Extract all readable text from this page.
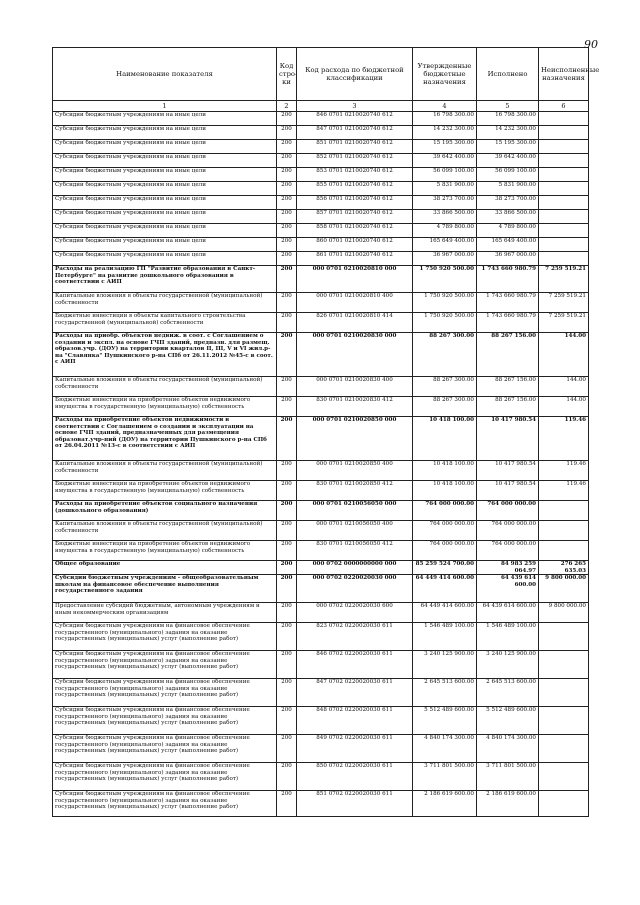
90
Наименование показателя	Код стро-ки	Код расхода по бюджетной классификации	Утвержденные бюджетные назначения	Исполнено	Неисполненные назначения
1	2	3	4	5	6
Субсидии бюджетным учреждениям на иные цели	200	846 0701 0210020740 612	16 798 300.00	16 798 300.00	
Субсидии бюджетным учреждениям на иные цели	200	847 0701 0210020740 612	14 232 300.00	14 232 300.00	
Субсидии бюджетным учреждениям на иные цели	200	851 0701 0210020740 612	15 195 300.00	15 195 300.00	
Субсидии бюджетным учреждениям на иные цели	200	852 0701 0210020740 612	39 642 400.00	39 642 400.00	
Субсидии бюджетным учреждениям на иные цели	200	853 0701 0210020740 612	56 099 100.00	56 099 100.00	
Субсидии бюджетным учреждениям на иные цели	200	855 0701 0210020740 612	5 831 900.00	5 831 900.00	
Субсидии бюджетным учреждениям на иные цели	200	856 0701 0210020740 612	38 273 700.00	38 273 700.00	
Субсидии бюджетным учреждениям на иные цели	200	857 0701 0210020740 612	33 866 500.00	33 866 500.00	
Субсидии бюджетным учреждениям на иные цели	200	858 0701 0210020740 612	4 789 800.00	4 789 800.00	
Субсидии бюджетным учреждениям на иные цели	200	860 0701 0210020740 612	165 649 400.00	165 649 400.00	
Субсидии бюджетным учреждениям на иные цели	200	861 0701 0210020740 612	36 967 000.00	36 967 000.00	
Расходы на реализацию ГП "Развитие образования в Санкт-Петербурге" на развитие дошкольного образования в соответствии с АИП	200	000 0701 0210020810 000	1 750 920 500.00	1 743 660 980.79	7 259 519.21
Капитальные вложения в объекты государственной (муниципальной) собственности	200	000 0701 0210020810 400	1 750 920 500.00	1 743 660 980.79	7 259 519.21
Бюджетные инвестиции в объекты капитального строительства государственной (муниципальной) собственности	200	826 0701 0210020810 414	1 750 920 500.00	1 743 660 980.79	7 259 519.21
Расходы на приобр. объектов недвиж. в соот. с Соглашением о создании и экспл. на основе ГЧП зданий, предназн. для размещ. образов.учр. (ДОУ) на территории кварталов II, III, V и VI жил.р-на "Славянка" Пушкинского р-на СПб от 26.11.2012 №45-с в соот. с АИП	200	000 0701 0210020830 000	88 267 300.00	88 267 156.00	144.00
Капитальные вложения в объекты государственной (муниципальной) собственности	200	000 0701 0210020830 400	88 267 300.00	88 267 156.00	144.00
Бюджетные инвестиции на приобретение объектов недвижимого имущества в государственную (муниципальную) собственность	200	830 0701 0210020830 412	88 267 300.00	88 267 156.00	144.00
Расходы на приобретение объектов недвижимости в соответствии с Соглашением о создании и эксплуатации на основе ГЧП зданий, предназначенных для размещения образоват.учр-ний (ДОУ) на территории Пушкинского р-на СПб от 26.04.2011 №13-с в соответствии с АИП	200	000 0701 0210020850 000	10 418 100.00	10 417 980.54	119.46
Капитальные вложения в объекты государственной (муниципальной) собственности	200	000 0701 0210020850 400	10 418 100.00	10 417 980.54	119.46
Бюджетные инвестиции на приобретение объектов недвижимого имущества в государственную (муниципальную) собственность	200	830 0701 0210020850 412	10 418 100.00	10 417 980.54	119.46
Расходы на приобретение объектов социального назначения (дошкольного образования)	200	000 0701 0210056050 000	764 000 000.00	764 000 000.00	
Капитальные вложения в объекты государственной (муниципальной) собственности	200	000 0701 0210056050 400	764 000 000.00	764 000 000.00	
Бюджетные инвестиции на приобретение объектов недвижимого имущества в государственную (муниципальную) собственность	200	830 0701 0210056050 412	764 000 000.00	764 000 000.00	
Общее образование	200	000 0702 0000000000 000	85 259 524 700.00	84 983 259 064.97	276 265 635.03
Субсидии бюджетным учреждениям - общеобразовательным школам на финансовое обеспечение выполнения государственного задания	200	000 0702 0220020030 000	64 449 414 600.00	64 439 614 600.00	9 800 000.00
Предоставление субсидий бюджетным, автономным учреждениям и иным некоммерческим организациям	200	000 0702 0220020030 600	64 449 414 600.00	64 439 614 600.00	9 800 000.00
Субсидии бюджетным учреждениям на финансовое обеспечение государственного (муниципального) задания на оказание государственных (муниципальных) услуг (выполнение работ)	200	823 0702 0220020030 611	1 546 489 100.00	1 546 489 100.00	
Субсидии бюджетным учреждениям на финансовое обеспечение государственного (муниципального) задания на оказание государственных (муниципальных) услуг (выполнение работ)	200	846 0702 0220020030 611	3 240 125 900.00	3 240 125 900.00	
Субсидии бюджетным учреждениям на финансовое обеспечение государственного (муниципального) задания на оказание государственных (муниципальных) услуг (выполнение работ)	200	847 0702 0220020030 611	2 645 513 600.00	2 645 513 600.00	
Субсидии бюджетным учреждениям на финансовое обеспечение государственного (муниципального) задания на оказание государственных (муниципальных) услуг (выполнение работ)	200	848 0702 0220020030 611	5 512 489 600.00	5 512 489 600.00	
Субсидии бюджетным учреждениям на финансовое обеспечение государственного (муниципального) задания на оказание государственных (муниципальных) услуг (выполнение работ)	200	849 0702 0220020030 611	4 840 174 300.00	4 840 174 300.00	
Субсидии бюджетным учреждениям на финансовое обеспечение государственного (муниципального) задания на оказание государственных (муниципальных) услуг (выполнение работ)	200	850 0702 0220020030 611	3 711 801 500.00	3 711 801 500.00	
Субсидии бюджетным учреждениям на финансовое обеспечение государственного (муниципального) задания на оказание государственных (муниципальных) услуг (выполнение работ)	200	851 0702 0220020030 611	2 186 619 600.00	2 186 619 600.00	
